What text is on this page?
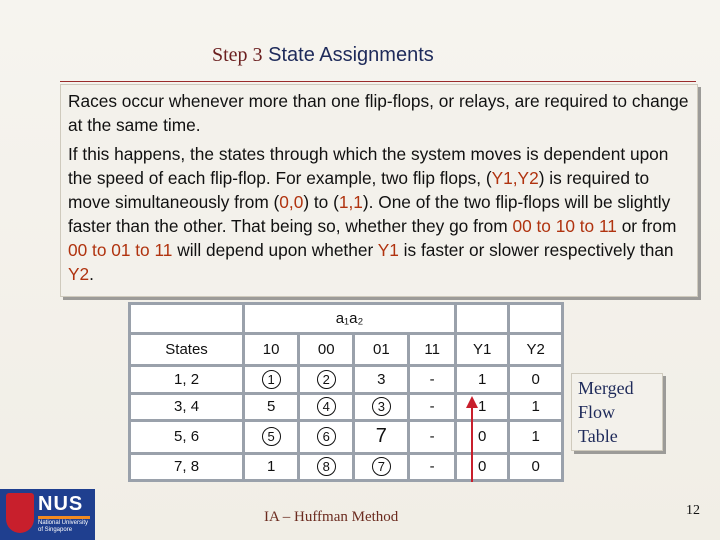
Step 3 State Assignments
Races occur whenever more than one flip-flops, or relays, are required to change at the same time.
If this happens, the states through which the system moves is dependent upon the speed of each flip-flop. For example, two flip flops, (Y1,Y2) is required to move simultaneously from (0,0) to (1,1). One of the two flip-flops will be slightly faster than the other. That being so, whether they go from 00 to 10 to 11 or from 00 to 01 to 11 will depend upon whether Y1 is faster or slower respectively than Y2.
	a₁a₂					
States	10	00	01	11	Y1	Y2
1, 2	1	2	3	-	1	0
3, 4	5	4	3	-	1	1
5, 6	5	6	7	-	0	1
7, 8	1	8	7	-	0	0
Merged
Flow
Table
NUS
National University
of Singapore
IA – Huffman Method	12
